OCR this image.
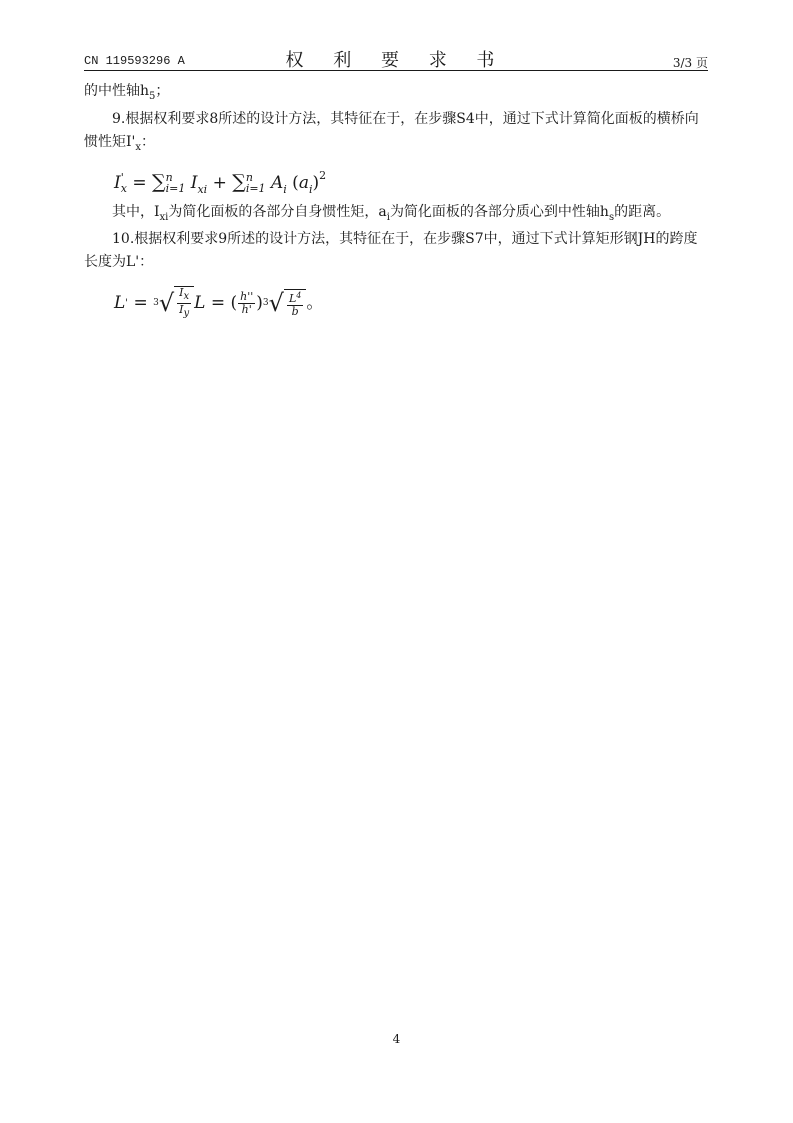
CN 119593296 A	权 利 要 求 书	3/3 页

的中性轴$h_5$；

9.根据权利要求8所述的设计方法，其特征在于，在步骤S4中，通过下式计算简化面板的横桥向惯性矩$I'_x$：

I '
x = ∑ n
i=1 $I_{xi}$ + ∑ n
i=1 $A_i$ $(a_i)^2$

其中，$I_{xi}$为简化面板的各部分自身惯性矩，$a_i$为简化面板的各部分质心到中性轴$h_s$的距离。

10.根据权利要求9所述的设计方法，其特征在于，在步骤S7中，通过下式计算矩形钢JH的跨度长度为L'：

L ' = 3 √ $\frac{Ix}{Iy}$ L = ( $\frac{h''}{h'}$ ) 3 √ $\frac{L^4}{b}$ 。
4
